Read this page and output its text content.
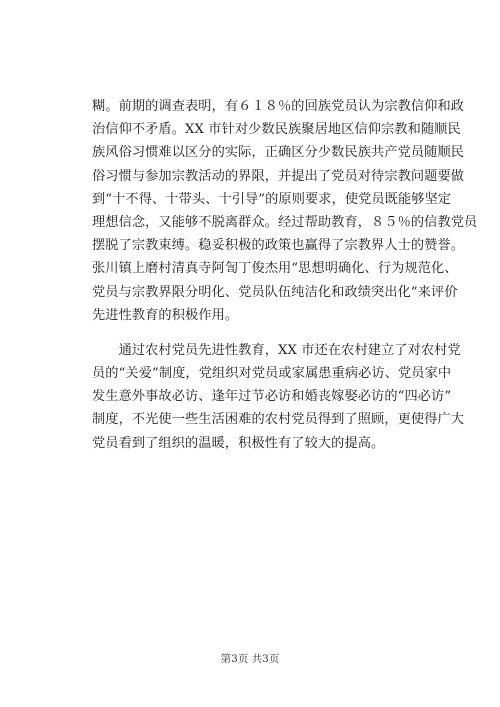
糊。前期的调查表明，有６１８％的回族党员认为宗教信仰和政
治信仰不矛盾。XX 市针对少数民族聚居地区信仰宗教和随顺民
族风俗习惯难以区分的实际，正确区分少数民族共产党员随顺民
俗习惯与参加宗教活动的界限，并提出了党员对待宗教问题要做
到“十不得、十带头、十引导”的原则要求，使党员既能够坚定
理想信念，又能够不脱离群众。经过帮助教育，８５％的信教党员
摆脱了宗教束缚。稳妥积极的政策也赢得了宗教界人士的赞誉。
张川镇上磨村清真寺阿訇丁俊杰用“思想明确化、行为规范化、
党员与宗教界限分明化、党员队伍纯洁化和政绩突出化”来评价
先进性教育的积极作用。
　　通过农村党员先进性教育，XX 市还在农村建立了对农村党
员的“关爱”制度，党组织对党员或家属患重病必访、党员家中
发生意外事故必访、逢年过节必访和婚丧嫁娶必访的“四必访”
制度，不光使一些生活困难的农村党员得到了照顾，更使得广大
党员看到了组织的温暖，积极性有了较大的提高。
第3页 共3页
